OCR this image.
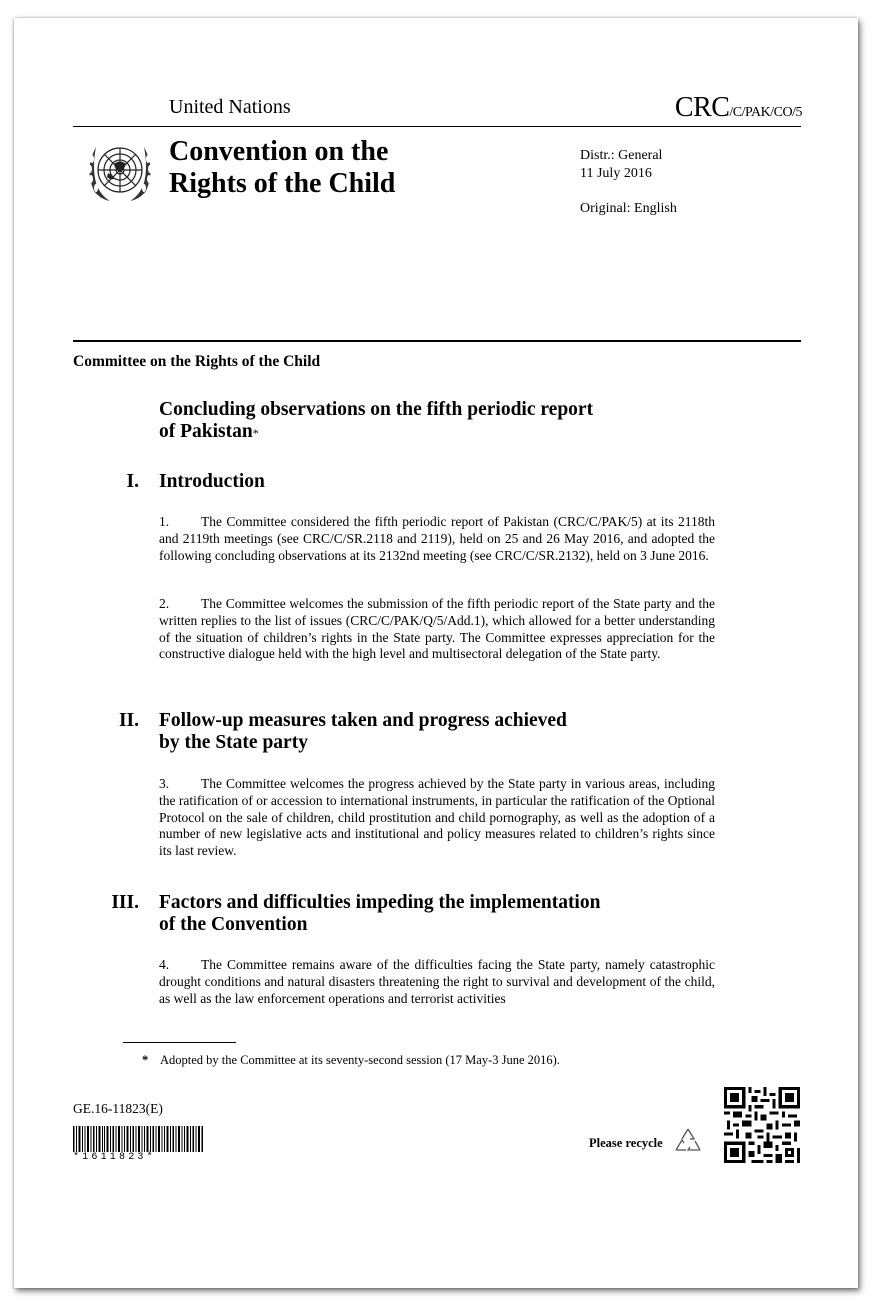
United Nations	CRC/C/PAK/CO/5
Convention on the
Rights of the Child
Distr.: General
11 July 2016
Original: English
Committee on the Rights of the Child
Concluding observations on the fifth periodic report
of Pakistan*
I. Introduction
1. The Committee considered the fifth periodic report of Pakistan (CRC/C/PAK/5) at its 2118th and 2119th meetings (see CRC/C/SR.2118 and 2119), held on 25 and 26 May 2016, and adopted the following concluding observations at its 2132nd meeting (see CRC/C/SR.2132), held on 3 June 2016.
2. The Committee welcomes the submission of the fifth periodic report of the State party and the written replies to the list of issues (CRC/C/PAK/Q/5/Add.1), which allowed for a better understanding of the situation of children’s rights in the State party. The Committee expresses appreciation for the constructive dialogue held with the high level and multisectoral delegation of the State party.
II. Follow-up measures taken and progress achieved
by the State party
3. The Committee welcomes the progress achieved by the State party in various areas, including the ratification of or accession to international instruments, in particular the ratification of the Optional Protocol on the sale of children, child prostitution and child pornography, as well as the adoption of a number of new legislative acts and institutional and policy measures related to children’s rights since its last review.
III. Factors and difficulties impeding the implementation
of the Convention
4. The Committee remains aware of the difficulties facing the State party, namely catastrophic drought conditions and natural disasters threatening the right to survival and development of the child, as well as the law enforcement operations and terrorist activities
* Adopted by the Committee at its seventy-second session (17 May-3 June 2016).
GE.16-11823(E)
*1611823*
Please recycle
